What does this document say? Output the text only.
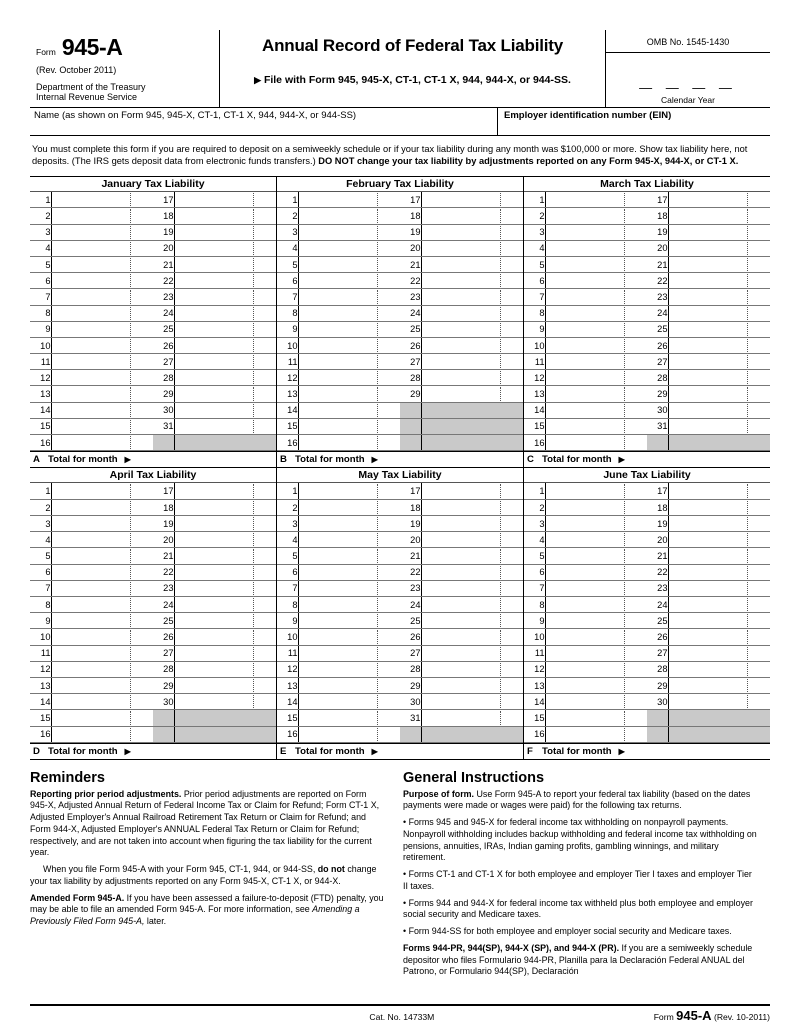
Form 945-A
(Rev. October 2011)
Department of the Treasury
Internal Revenue Service
Annual Record of Federal Tax Liability
▶ File with Form 945, 945-X, CT-1, CT-1 X, 944, 944-X, or 944-SS.
OMB No. 1545-1430
— — — —
Calendar Year
Name (as shown on Form 945, 945-X, CT-1, CT-1 X, 944, 944-X, or 944-SS)	Employer identification number (EIN)
You must complete this form if you are required to deposit on a semiweekly schedule or if your tax liability during any month was $100,000 or more. Show tax liability here, not deposits. (The IRS gets deposit data from electronic funds transfers.) DO NOT change your tax liability by adjustments reported on any Form 945-X, 944-X, or CT-1 X.
January Tax Liability
1		17	
2		18	
3		19	
4		20	
5		21	
6		22	
7		23	
8		24	
9		25	
10		26	
11		27	
12		28	
13		29	
14		30	
15		31	
16			
A Total for month ▶
February Tax Liability
1		17	
2		18	
3		19	
4		20	
5		21	
6		22	
7		23	
8		24	
9		25	
10		26	
11		27	
12		28	
13		29	
14			
15			
16			
B Total for month ▶
March Tax Liability
1		17	
2		18	
3		19	
4		20	
5		21	
6		22	
7		23	
8		24	
9		25	
10		26	
11		27	
12		28	
13		29	
14		30	
15		31	
16			
C Total for month ▶
April Tax Liability
1		17	
2		18	
3		19	
4		20	
5		21	
6		22	
7		23	
8		24	
9		25	
10		26	
11		27	
12		28	
13		29	
14		30	
15			
16			
D Total for month ▶
May Tax Liability
1		17	
2		18	
3		19	
4		20	
5		21	
6		22	
7		23	
8		24	
9		25	
10		26	
11		27	
12		28	
13		29	
14		30	
15		31	
16			
E Total for month ▶
June Tax Liability
1		17	
2		18	
3		19	
4		20	
5		21	
6		22	
7		23	
8		24	
9		25	
10		26	
11		27	
12		28	
13		29	
14		30	
15			
16			
F Total for month ▶
Reminders
Reporting prior period adjustments. Prior period adjustments are reported on Form 945-X, Adjusted Annual Return of Federal Income Tax or Claim for Refund; Form CT-1 X, Adjusted Employer's Annual Railroad Retirement Tax Return or Claim for Refund; and Form 944-X, Adjusted Employer's ANNUAL Federal Tax Return or Claim for Refund; respectively, and are not taken into account when figuring the tax liability for the current year.
When you file Form 945-A with your Form 945, CT-1, 944, or 944-SS, do not change your tax liability by adjustments reported on any Form 945-X, CT-1 X, or 944-X.
Amended Form 945-A. If you have been assessed a failure-to-deposit (FTD) penalty, you may be able to file an amended Form 945-A. For more information, see Amending a Previously Filed Form 945-A, later.
General Instructions
Purpose of form. Use Form 945-A to report your federal tax liability (based on the dates payments were made or wages were paid) for the following tax returns.
• Forms 945 and 945-X for federal income tax withholding on nonpayroll payments. Nonpayroll withholding includes backup withholding and federal income tax withholding on pensions, annuities, IRAs, Indian gaming profits, gambling winnings, and military retirement.
• Forms CT-1 and CT-1 X for both employee and employer Tier I taxes and employer Tier II taxes.
• Forms 944 and 944-X for federal income tax withheld plus both employee and employer social security and Medicare taxes.
• Form 944-SS for both employee and employer social security and Medicare taxes.
Forms 944-PR, 944(SP), 944-X (SP), and 944-X (PR). If you are a semiweekly schedule depositor who files Formulario 944-PR, Planilla para la Declaración Federal ANUAL del Patrono, or Formulario 944(SP), Declaración
Cat. No. 14733M	Form 945-A (Rev. 10-2011)
